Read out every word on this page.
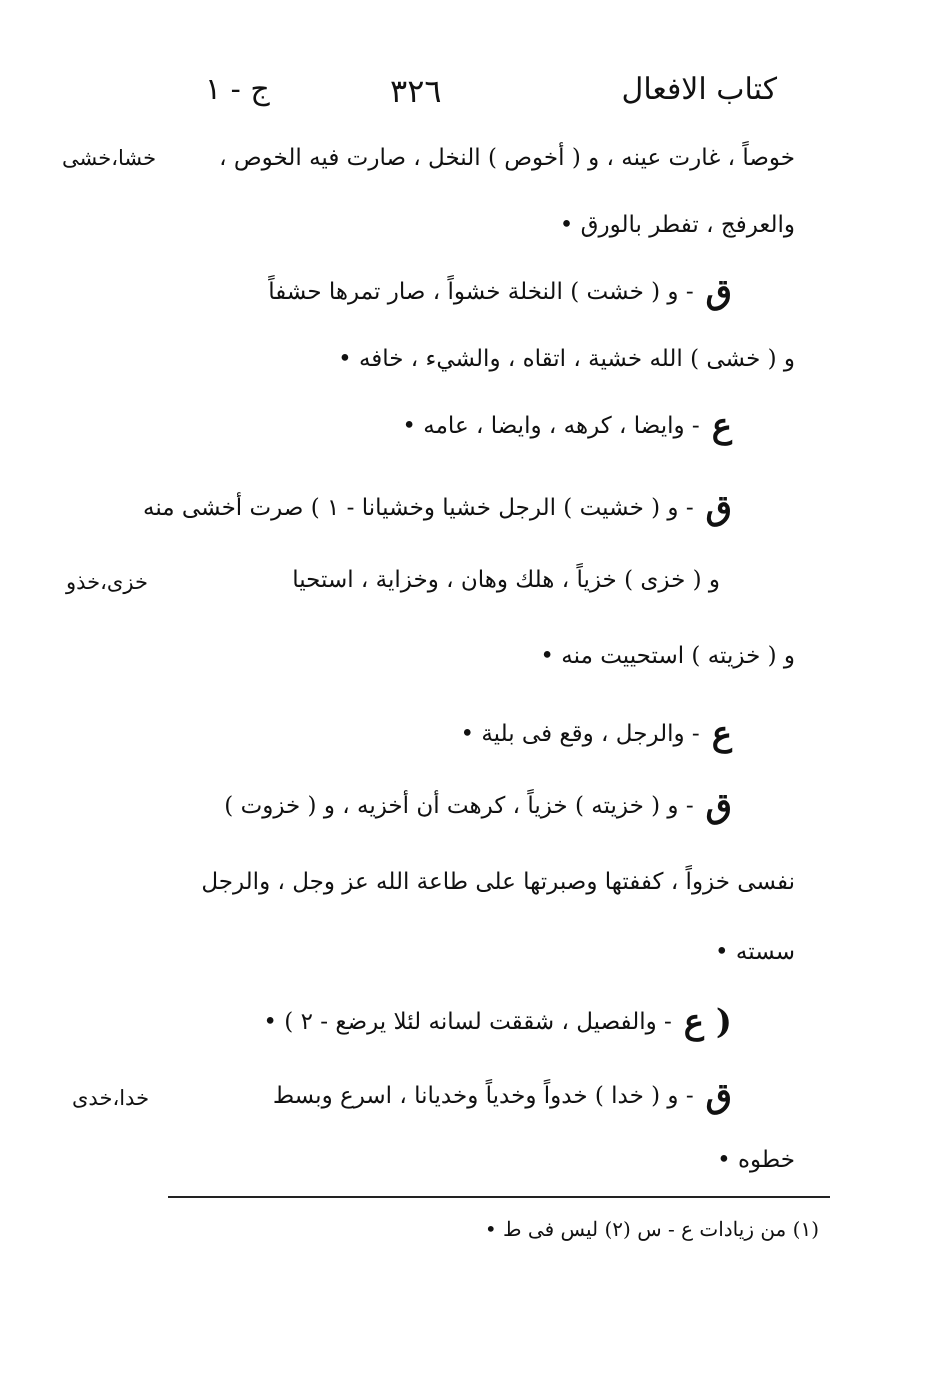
كتاب الافعال
٣٢٦
ج - ١
خوصاً ، غارت عينه ، و ( أخوص ) النخل ، صارت فيه الخوص ،
والعرفج ، تفطر بالورق •
ق- و ( خشت ) النخلة خشواً ، صار تمرها حشفاً
و ( خشى ) الله خشية ، اتقاه ، والشيء ، خافه •
ع- وايضا ، كرهه ، وايضا ، عامه •
ق- و ( خشيت ) الرجل خشيا وخشيانا - ١ ) صرت أخشى منه
و ( خزى ) خزياً ، هلك وهان ، وخزاية ، استحيا
و ( خزيته ) استحييت منه •
ع- والرجل ، وقع فى بلية •
ق- و ( خزيته ) خزياً ، كرهت أن أخزيه ، و ( خزوت )
نفسى خزواً ، كففتها وصبرتها على طاعة الله عز وجل ، والرجل
سسته •
( ع- والفصيل ، شققت لسانه لئلا يرضع - ٢ ) •
ق- و ( خدا ) خدواً وخدياً وخديانا ، اسرع وبسط
خطوه •
خشا،خشى
خزى،خذو
خدا،خدى
(١) من زيادات ع - س (٢) ليس فى ط •
